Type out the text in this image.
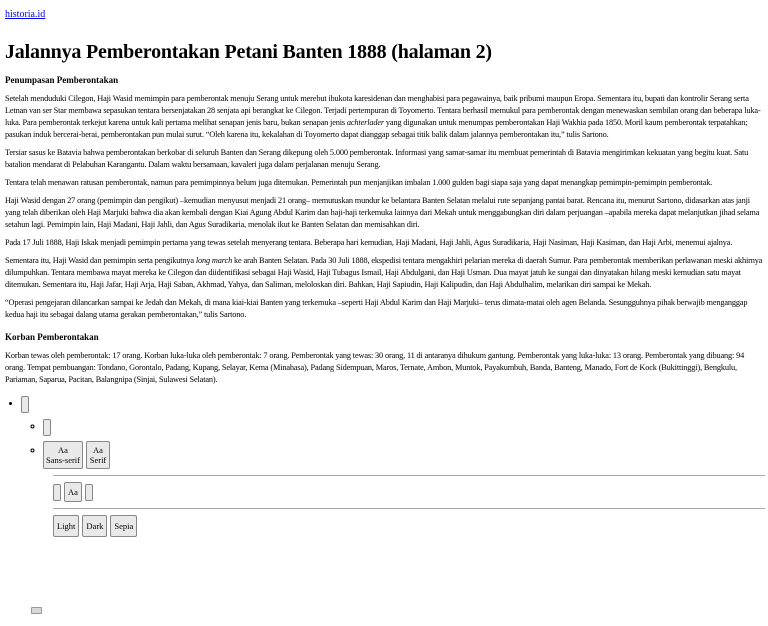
historia.id
Jalannya Pemberontakan Petani Banten 1888 (halaman 2)
Penumpasan Pemberontakan

Setelah menduduki Cilegon, Haji Wasid memimpin para pemberontak menuju Serang untuk merebut ibukota karesidenan dan menghabisi para pegawainya, baik pribumi maupun Eropa. Sementara itu, bupati dan kontrolir Serang serta Letnan van ser Star membawa sepasukan tentara bersenjatakan 28 senjata api berangkat ke Cilegon. Terjadi pertempuran di Toyomerto. Tentara berhasil memukul para pemberontak dengan menewaskan sembilan orang dan beberapa luka-luka. Para pemberontak terkejut karena untuk kali pertama melihat senapan jenis baru, bukan senapan jenis achterlader yang digunakan untuk menumpas pemberontakan Haji Wakhia pada 1850. Moril kaum pemberontak terpatahkan; pasukan induk bercerai-berai, pemberontakan pun mulai surut. “Oleh karena itu, kekalahan di Toyomerto dapat dianggap sebagai titik balik dalam jalannya pemberontakan itu,” tulis Sartono.

Tersiar sasus ke Batavia bahwa pemberontakan berkobar di seluruh Banten dan Serang dikepung oleh 5.000 pemberontak. Informasi yang samar-samar itu membuat pemerintah di Batavia mengirimkan kekuatan yang begitu kuat. Satu batalion mendarat di Pelabuhan Karangantu. Dalam waktu bersamaan, kavaleri juga dalam perjalanan menuju Serang.

Tentara telah menawan ratusan pemberontak, namun para pemimpinnya belum juga ditemukan. Pemerintah pun menjanjikan imbalan 1.000 gulden bagi siapa saja yang dapat menangkap pemimpin-pemimpin pemberontak.

Haji Wasid dengan 27 orang (pemimpin dan pengikut) –kemudian menyusut menjadi 21 orang– memutuskan mundur ke belantara Banten Selatan melalui rute sepanjang pantai barat. Rencana itu, menurut Sartono, didasarkan atas janji yang telah diberikan oleh Haji Marjuki bahwa dia akan kembali dengan Kiai Agung Abdul Karim dan haji-haji terkemuka lainnya dari Mekah untuk menggabungkan diri dalam perjuangan –apabila mereka dapat melanjutkan jihad selama setahun lagi. Pemimpin lain, Haji Madani, Haji Jahli, dan Agus Suradikaria, menolak ikut ke Banten Selatan dan memisahkan diri.

Pada 17 Juli 1888, Haji Iskak menjadi pemimpin pertama yang tewas setelah menyerang tentara. Beberapa hari kemudian, Haji Madani, Haji Jahli, Agus Suradikaria, Haji Nasiman, Haji Kasiman, dan Haji Arbi, menemui ajalnya.

Sementara itu, Haji Wasid dan pemimpin serta pengikutnya long march ke arah Banten Selatan. Pada 30 Juli 1888, ekspedisi tentara mengakhiri pelarian mereka di daerah Sumur. Para pemberontak memberikan perlawanan meski akhirnya dilumpuhkan. Tentara membawa mayat mereka ke Cilegon dan diidentifikasi sebagai Haji Wasid, Haji Tubagus Ismail, Haji Abdulgani, dan Haji Usman. Dua mayat jatuh ke sungai dan dinyatakan hilang meski kemudian satu mayat ditemukan. Sementara itu, Haji Jafar, Haji Arja, Haji Saban, Akhmad, Yahya, dan Saliman, meloloskan diri. Bahkan, Haji Sapiudin, Haji Kalipudin, dan Haji Abdulhalim, melarikan diri sampai ke Mekah.

“Operasi pengejaran dilancarkan sampai ke Jedah dan Mekah, di mana kiai-kiai Banten yang terkemuka –seperti Haji Abdul Karim dan Haji Marjuki– terus dimata-matai oleh agen Belanda. Sesungguhnya pihak berwajib menganggap kedua haji itu sebagai dalang utama gerakan pemberontakan,” tulis Sartono.

Korban Pemberontakan

Korban tewas oleh pemberontak: 17 orang. Korban luka-luka oleh pemberontak: 7 orang. Pemberontak yang tewas: 30 orang, 11 di antaranya dihukum gantung. Pemberontak yang luka-luka: 13 orang. Pemberontak yang dibuang: 94 orang. Tempat pembuangan: Tondano, Gorontalo, Padang, Kupang, Selayar, Kema (Minahasa), Padang Sidempuan, Maros, Ternate, Ambon, Muntok, Payakumbuh, Banda, Banteng, Manado, Fort de Kock (Bukittinggi), Bengkulu, Pariaman, Saparua, Pacitan, Balangnipa (Sinjai, Sulawesi Selatan).

◦
◦ • Aa
Sans-serif
Aa
Serif
Aa
Light	Dark	Sepia
